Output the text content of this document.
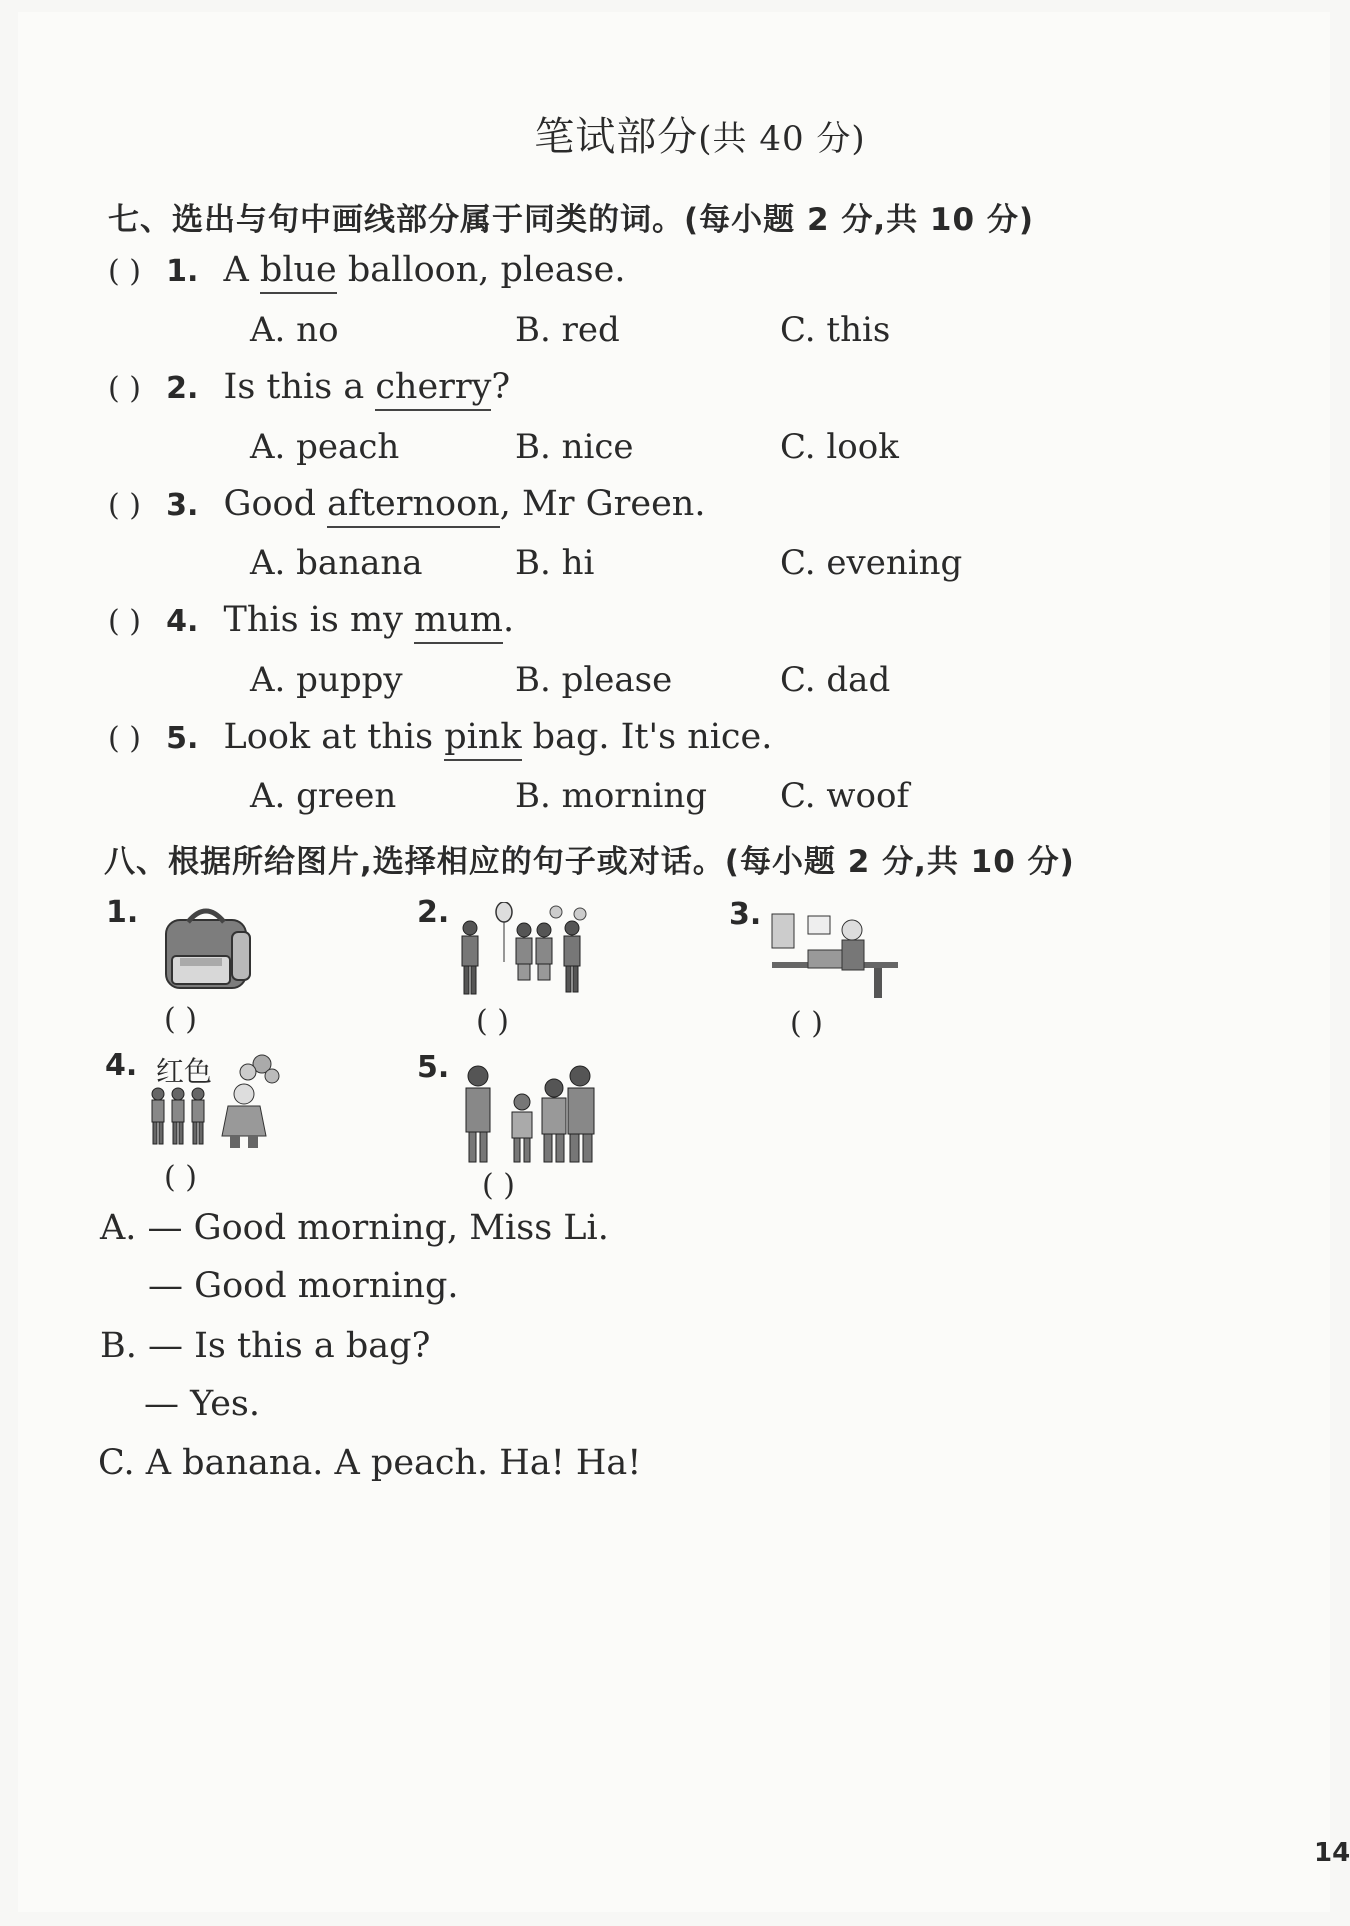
笔试部分(共 40 分)
七、选出与句中画线部分属于同类的词。(每小题 2 分,共 10 分)
( ) 1. A blue balloon, please.
A. no	B. red	C. this
( ) 2. Is this a cherry?
A. peach	B. nice	C. look
( ) 3. Good afternoon, Mr Green.
A. banana	B. hi	C. evening
( ) 4. This is my mum.
A. puppy	B. please	C. dad
( ) 5. Look at this pink bag. It's nice.
A. green	B. morning C. woof
八、根据所给图片,选择相应的句子或对话。(每小题 2 分,共 10 分)
1.
( )
2.
( )
3.
( )
4. 红色
( )
5.
( )
A. — Good morning, Miss Li.
— Good morning.
B. — Is this a bag?
— Yes.
C. A banana. A peach. Ha! Ha!
14
